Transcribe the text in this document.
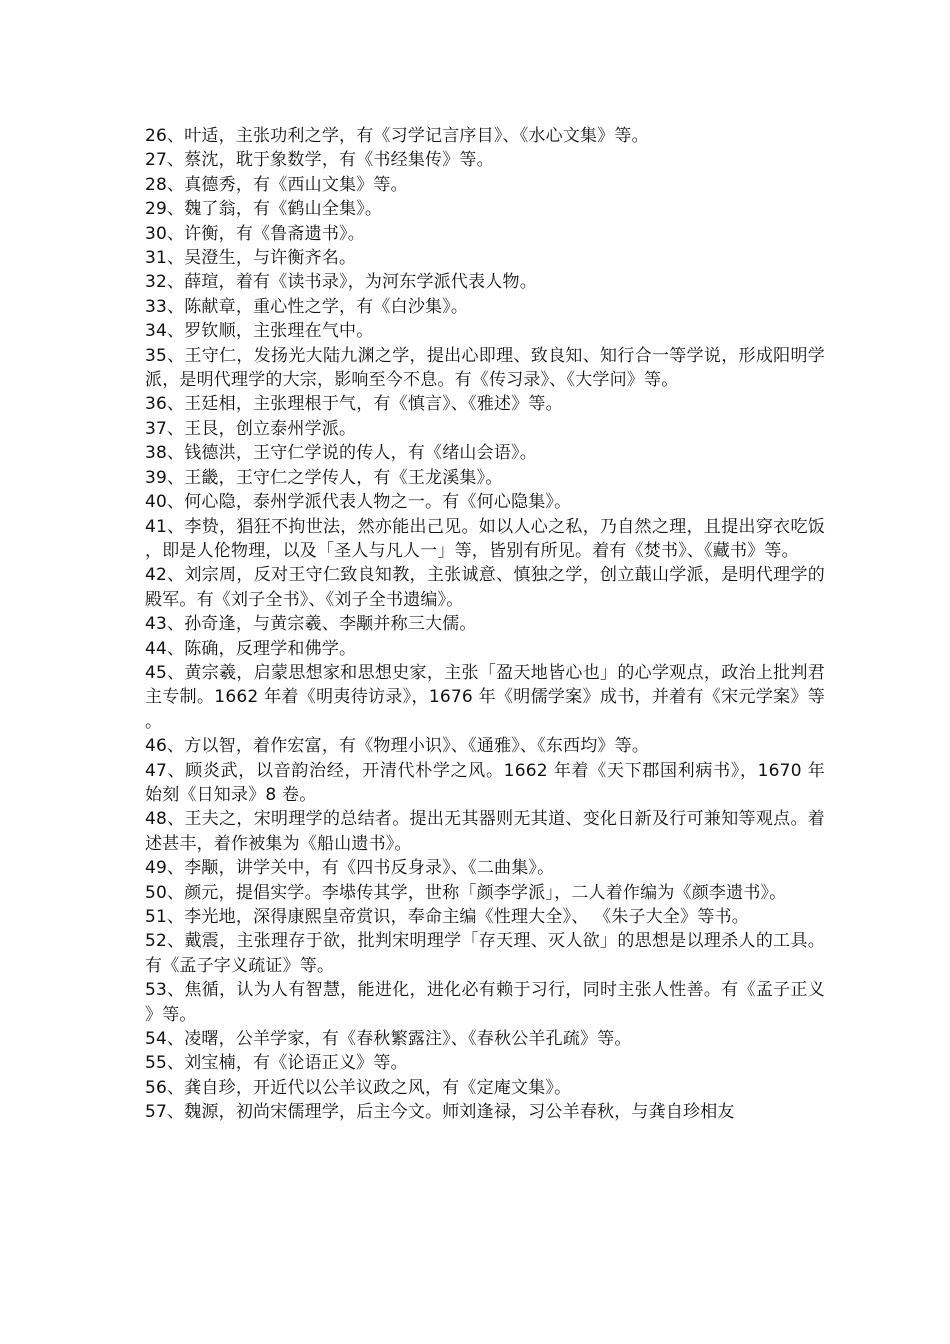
26、叶适，主张功利之学，有《习学记言序目》、《水心文集》等。

27、蔡沈，耽于象数学，有《书经集传》等。

28、真德秀，有《西山文集》等。

29、魏了翁，有《鹤山全集》。

30、许衡，有《鲁斋遗书》。

31、吴澄生，与许衡齐名。

32、薛瑄，着有《读书录》，为河东学派代表人物。

33、陈献章，重心性之学，有《白沙集》。

34、罗钦顺，主张理在气中。

35、王守仁，发扬光大陆九渊之学，提出心即理、致良知、知行合一等学说，形成阳明学派，是明代理学的大宗，影响至今不息。有《传习录》、《大学问》等。

36、王廷相，主张理根于气，有《慎言》、《雅述》等。

37、王艮，创立泰州学派。

38、钱德洪，王守仁学说的传人，有《绪山会语》。

39、王畿，王守仁之学传人，有《王龙溪集》。

40、何心隐，泰州学派代表人物之一。有《何心隐集》。

41、李贽，猖狂不拘世法，然亦能出己见。如以人心之私，乃自然之理，且提出穿衣吃饭，即是人伦物理，以及「圣人与凡人一」等，皆别有所见。着有《焚书》、《藏书》等。

42、刘宗周，反对王守仁致良知教，主张诚意、慎独之学，创立蕺山学派，是明代理学的殿军。有《刘子全书》、《刘子全书遗编》。

43、孙奇逢，与黄宗羲、李颙并称三大儒。

44、陈确，反理学和佛学。

45、黄宗羲，启蒙思想家和思想史家，主张「盈天地皆心也」的心学观点，政治上批判君主专制。1662 年着《明夷待访录》，1676 年《明儒学案》成书，并着有《宋元学案》等。

46、方以智，着作宏富，有《物理小识》、《通雅》、《东西均》等。

47、顾炎武，以音韵治经，开清代朴学之风。1662 年着《天下郡国利病书》，1670 年始刻《日知录》8 卷。

48、王夫之，宋明理学的总结者。提出无其器则无其道、变化日新及行可兼知等观点。着述甚丰，着作被集为《船山遗书》。

49、李颙，讲学关中，有《四书反身录》、《二曲集》。

50、颜元，提倡实学。李塨传其学，世称「颜李学派」，二人着作编为《颜李遗书》。

51、李光地，深得康熙皇帝赏识，奉命主编《性理大全》、 《朱子大全》等书。

52、戴震，主张理存于欲，批判宋明理学「存天理、灭人欲」的思想是以理杀人的工具。有《孟子字义疏证》等。

53、焦循，认为人有智慧，能进化，进化必有赖于习行，同时主张人性善。有《孟子正义》等。

54、凌曙，公羊学家，有《春秋繁露注》、《春秋公羊孔疏》等。

55、刘宝楠，有《论语正义》等。

56、龚自珍，开近代以公羊议政之风，有《定庵文集》。

57、魏源，初尚宋儒理学，后主今文。师刘逢禄，习公羊春秋，与龚自珍相友
